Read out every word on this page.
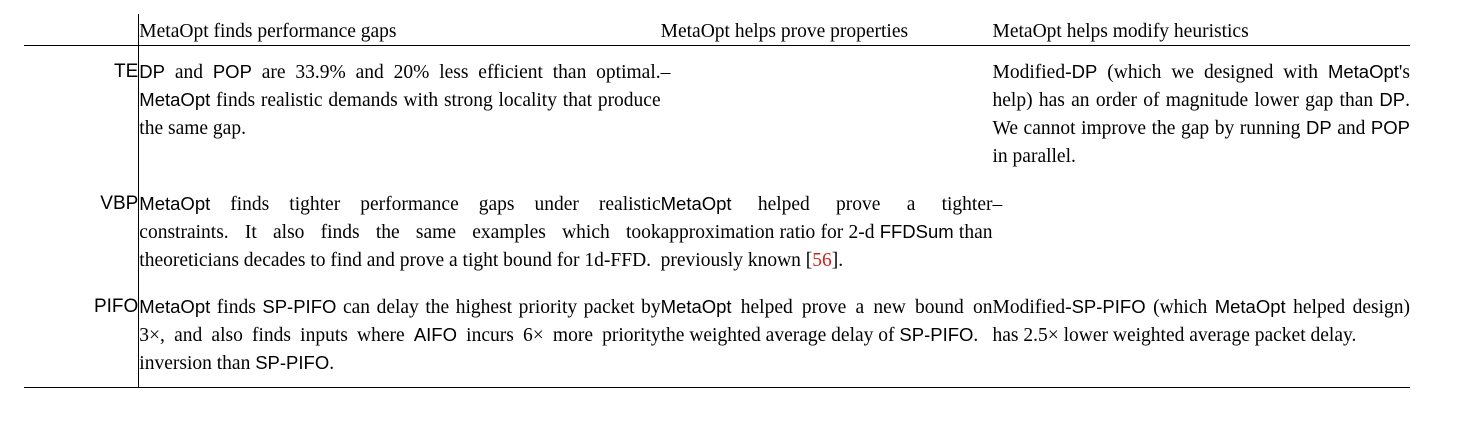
	MetaOpt finds performance gaps	MetaOpt helps prove properties	MetaOpt helps modify heuristics
TE	DP and POP are 33.9% and 20% less efficient than optimal. MetaOpt finds realistic demands with strong locality that produce the same gap.	–	Modified-DP (which we designed with MetaOpt's help) has an order of magnitude lower gap than DP. We cannot improve the gap by running DP and POP in parallel.
VBP	MetaOpt finds tighter performance gaps under realistic constraints. It also finds the same examples which took theoreticians decades to find and prove a tight bound for 1d-FFD.	MetaOpt helped prove a tighter approximation ratio for 2-d FFDSum than previously known [56].	–
PIFO	MetaOpt finds SP-PIFO can delay the highest priority packet by 3×, and also finds inputs where AIFO incurs 6× more priority inversion than SP-PIFO.	MetaOpt helped prove a new bound on the weighted average delay of SP-PIFO.	Modified-SP-PIFO (which MetaOpt helped design) has 2.5× lower weighted average packet delay.
